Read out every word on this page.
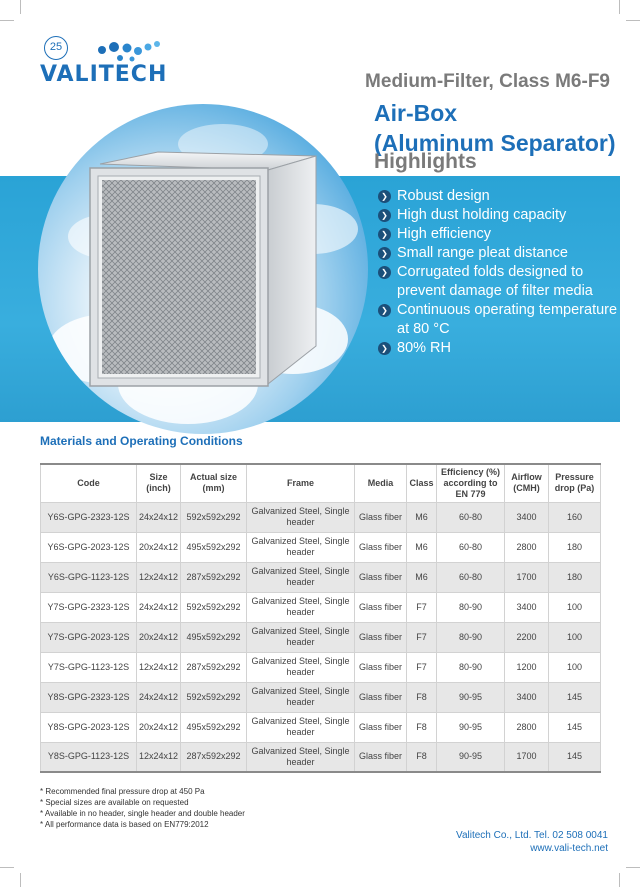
25
VALITECH	Medium-Filter, Class M6-F9
Air-Box
(Aluminum Separator)
Highlights
❯ Robust design
❯ High dust holding capacity
❯ High efficiency
❯ Small range pleat distance
❯ Corrugated folds designed to prevent damage of filter media
❯ Continuous operating temperature at 80 °C
❯ 80% RH
Materials and Operating Conditions
Code	Size (inch)	Actual size (mm)	Frame	Media	Class	Efficiency (%) according to EN 779	Airflow (CMH)	Pressure drop (Pa)
Y6S-GPG-2323-12S	24x24x12	592x592x292	Galvanized Steel, Single header	Glass fiber	M6	60-80	3400	160
Y6S-GPG-2023-12S	20x24x12	495x592x292	Galvanized Steel, Single header	Glass fiber	M6	60-80	2800	180
Y6S-GPG-1123-12S	12x24x12	287x592x292	Galvanized Steel, Single header	Glass fiber	M6	60-80	1700	180
Y7S-GPG-2323-12S	24x24x12	592x592x292	Galvanized Steel, Single header	Glass fiber	F7	80-90	3400	100
Y7S-GPG-2023-12S	20x24x12	495x592x292	Galvanized Steel, Single header	Glass fiber	F7	80-90	2200	100
Y7S-GPG-1123-12S	12x24x12	287x592x292	Galvanized Steel, Single header	Glass fiber	F7	80-90	1200	100
Y8S-GPG-2323-12S	24x24x12	592x592x292	Galvanized Steel, Single header	Glass fiber	F8	90-95	3400	145
Y8S-GPG-2023-12S	20x24x12	495x592x292	Galvanized Steel, Single header	Glass fiber	F8	90-95	2800	145
Y8S-GPG-1123-12S	12x24x12	287x592x292	Galvanized Steel, Single header	Glass fiber	F8	90-95	1700	145
* Recommended final pressure drop at 450 Pa
* Special sizes are available on requested
* Available in no header, single header and double header
* All performance data is based on EN779:2012
Valitech Co., Ltd. Tel. 02 508 0041
www.vali-tech.net
